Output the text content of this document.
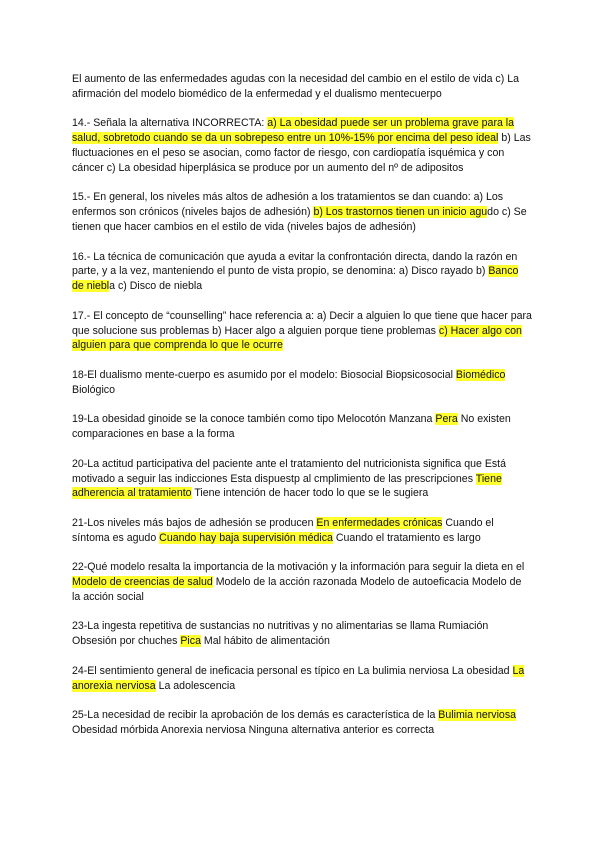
El aumento de las enfermedades agudas con la necesidad del cambio en el estilo de vida c) La afirmación del modelo biomédico de la enfermedad y el dualismo mentecuerpo

14.- Señala la alternativa INCORRECTA: a) La obesidad puede ser un problema grave para la salud, sobretodo cuando se da un sobrepeso entre un 10%-15% por encima del peso ideal b) Las fluctuaciones en el peso se asocian, como factor de riesgo, con cardiopatía isquémica y con cáncer c) La obesidad hiperplásica se produce por un aumento del nº de adipositos

15.- En general, los niveles más altos de adhesión a los tratamientos se dan cuando: a) Los enfermos son crónicos (niveles bajos de adhesión) b) Los trastornos tienen un inicio agudo c) Se tienen que hacer cambios en el estilo de vida (niveles bajos de adhesión)

16.- La técnica de comunicación que ayuda a evitar la confrontación directa, dando la razón en parte, y a la vez, manteniendo el punto de vista propio, se denomina: a) Disco rayado b) Banco de niebla c) Disco de niebla

17.- El concepto de “counselling” hace referencia a: a) Decir a alguien lo que tiene que hacer para que solucione sus problemas b) Hacer algo a alguien porque tiene problemas c) Hacer algo con alguien para que comprenda lo que le ocurre

18-El dualismo mente-cuerpo es asumido por el modelo: Biosocial Biopsicosocial Biomédico Biológico

19-La obesidad ginoide se la conoce también como tipo Melocotón Manzana Pera No existen comparaciones en base a la forma

20-La actitud participativa del paciente ante el tratamiento del nutricionista significa que Está motivado a seguir las indicciones Esta dispuestp al cmplimiento de las prescripciones Tiene adherencia al tratamiento Tiene intención de hacer todo lo que se le sugiera

21-Los niveles más bajos de adhesión se producen En enfermedades crónicas Cuando el síntoma es agudo Cuando hay baja supervisión médica Cuando el tratamiento es largo

22-Qué modelo resalta la importancia de la motivación y la información para seguir la dieta en el Modelo de creencias de salud Modelo de la acción razonada Modelo de autoeficacia Modelo de la acción social

23-La ingesta repetitiva de sustancias no nutritivas y no alimentarias se llama Rumiación Obsesión por chuches Pica Mal hábito de alimentación

24-El sentimiento general de ineficacia personal es típico en La bulimia nerviosa La obesidad La anorexia nerviosa La adolescencia

25-La necesidad de recibir la aprobación de los demás es característica de la Bulimia nerviosa Obesidad mórbida Anorexia nerviosa Ninguna alternativa anterior es correcta
